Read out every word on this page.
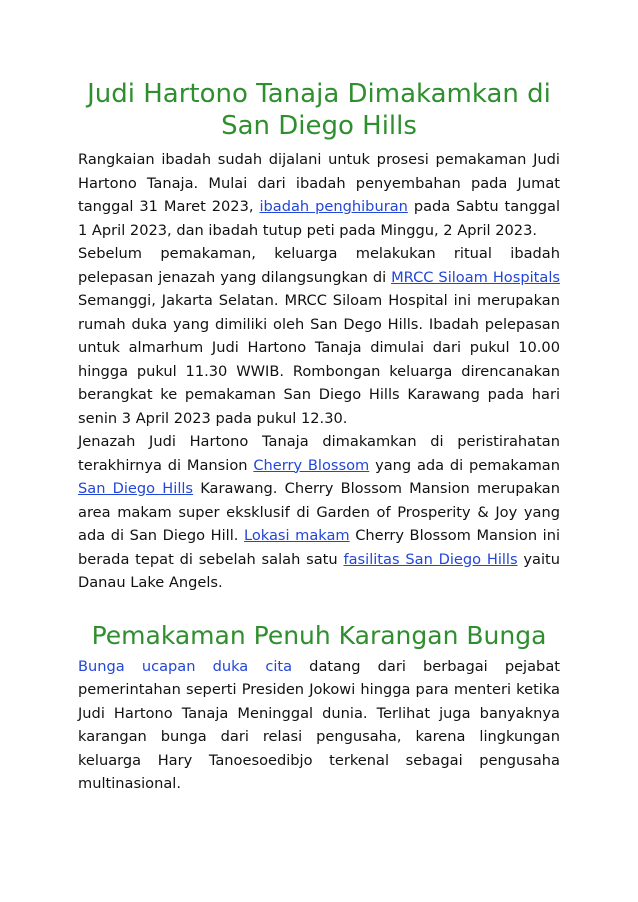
Judi Hartono Tanaja Dimakamkan di San Diego Hills

Rangkaian ibadah sudah dijalani untuk prosesi pemakaman Judi Hartono Tanaja. Mulai dari ibadah penyembahan pada Jumat tanggal 31 Maret 2023, ibadah penghiburan pada Sabtu tanggal 1 April 2023, dan ibadah tutup peti pada Minggu, 2 April 2023.

Sebelum pemakaman, keluarga melakukan ritual ibadah pelepasan jenazah yang dilangsungkan di MRCC Siloam Hospitals Semanggi, Jakarta Selatan. MRCC Siloam Hospital ini merupakan rumah duka yang dimiliki oleh San Dego Hills. Ibadah pelepasan untuk almarhum Judi Hartono Tanaja dimulai dari pukul 10.00 hingga pukul 11.30 WWIB. Rombongan keluarga direncanakan berangkat ke pemakaman San Diego Hills Karawang pada hari senin 3 April 2023 pada pukul 12.30.

Jenazah Judi Hartono Tanaja dimakamkan di peristirahatan terakhirnya di Mansion Cherry Blossom yang ada di pemakaman San Diego Hills Karawang. Cherry Blossom Mansion merupakan area makam super eksklusif di Garden of Prosperity & Joy yang ada di San Diego Hill. Lokasi makam Cherry Blossom Mansion ini berada tepat di sebelah salah satu fasilitas San Diego Hills yaitu Danau Lake Angels.

Pemakaman Penuh Karangan Bunga

Bunga ucapan duka cita datang dari berbagai pejabat pemerintahan seperti Presiden Jokowi hingga para menteri ketika Judi Hartono Tanaja Meninggal dunia. Terlihat juga banyaknya karangan bunga dari relasi pengusaha, karena lingkungan keluarga Hary Tanoesoedibjo terkenal sebagai pengusaha multinasional.
